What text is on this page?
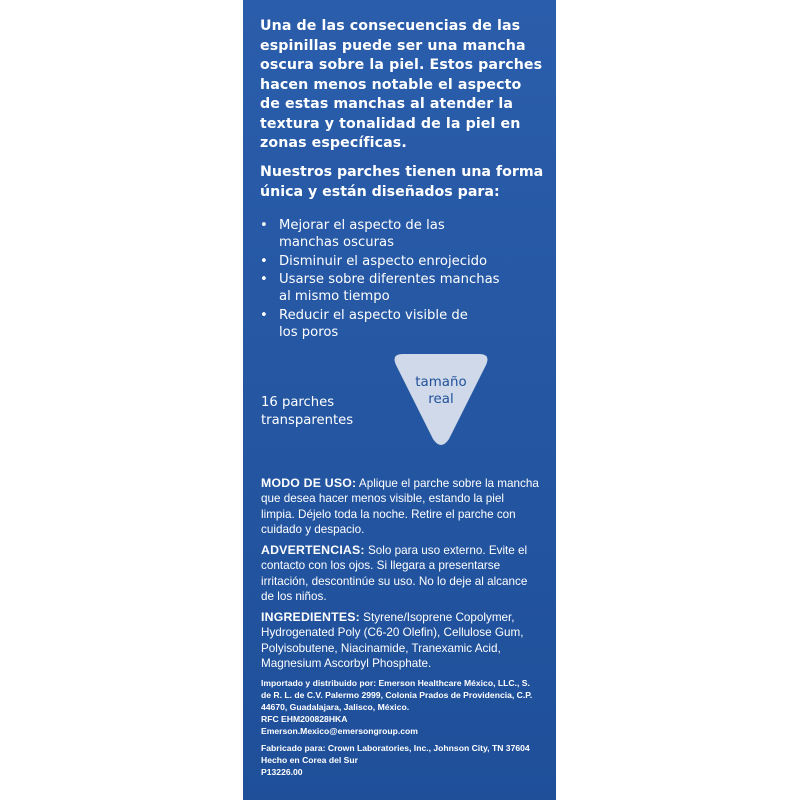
Una de las consecuencias de las
espinillas puede ser una mancha
oscura sobre la piel. Estos parches
hacen menos notable el aspecto
de estas manchas al atender la
textura y tonalidad de la piel en
zonas específicas.

Nuestros parches tienen una forma
única y están diseñados para:

• Mejorar el aspecto de las
manchas oscuras
• Disminuir el aspecto enrojecido
• Usarse sobre diferentes manchas
al mismo tiempo
• Reducir el aspecto visible de
los poros
tamaño
real
16 parches
transparentes

MODO DE USO: Aplique el parche sobre la mancha
que desea hacer menos visible, estando la piel
limpia. Déjelo toda la noche. Retire el parche con
cuidado y despacio.

ADVERTENCIAS: Solo para uso externo. Evite el
contacto con los ojos. Si llegara a presentarse
irritación, descontinúe su uso. No lo deje al alcance
de los niños.

INGREDIENTES: Styrene/Isoprene Copolymer,
Hydrogenated Poly (C6-20 Olefin), Cellulose Gum,
Polyisobutene, Niacinamide, Tranexamic Acid,
Magnesium Ascorbyl Phosphate.

Importado y distribuido por: Emerson Healthcare México, LLC., S.
de R. L. de C.V. Palermo 2999, Colonia Prados de Providencia, C.P.
44670, Guadalajara, Jalisco, México.
RFC EHM200828HKA
Emerson.Mexico@emersongroup.com

Fabricado para: Crown Laboratories, Inc., Johnson City, TN 37604
Hecho en Corea del Sur
P13226.00
